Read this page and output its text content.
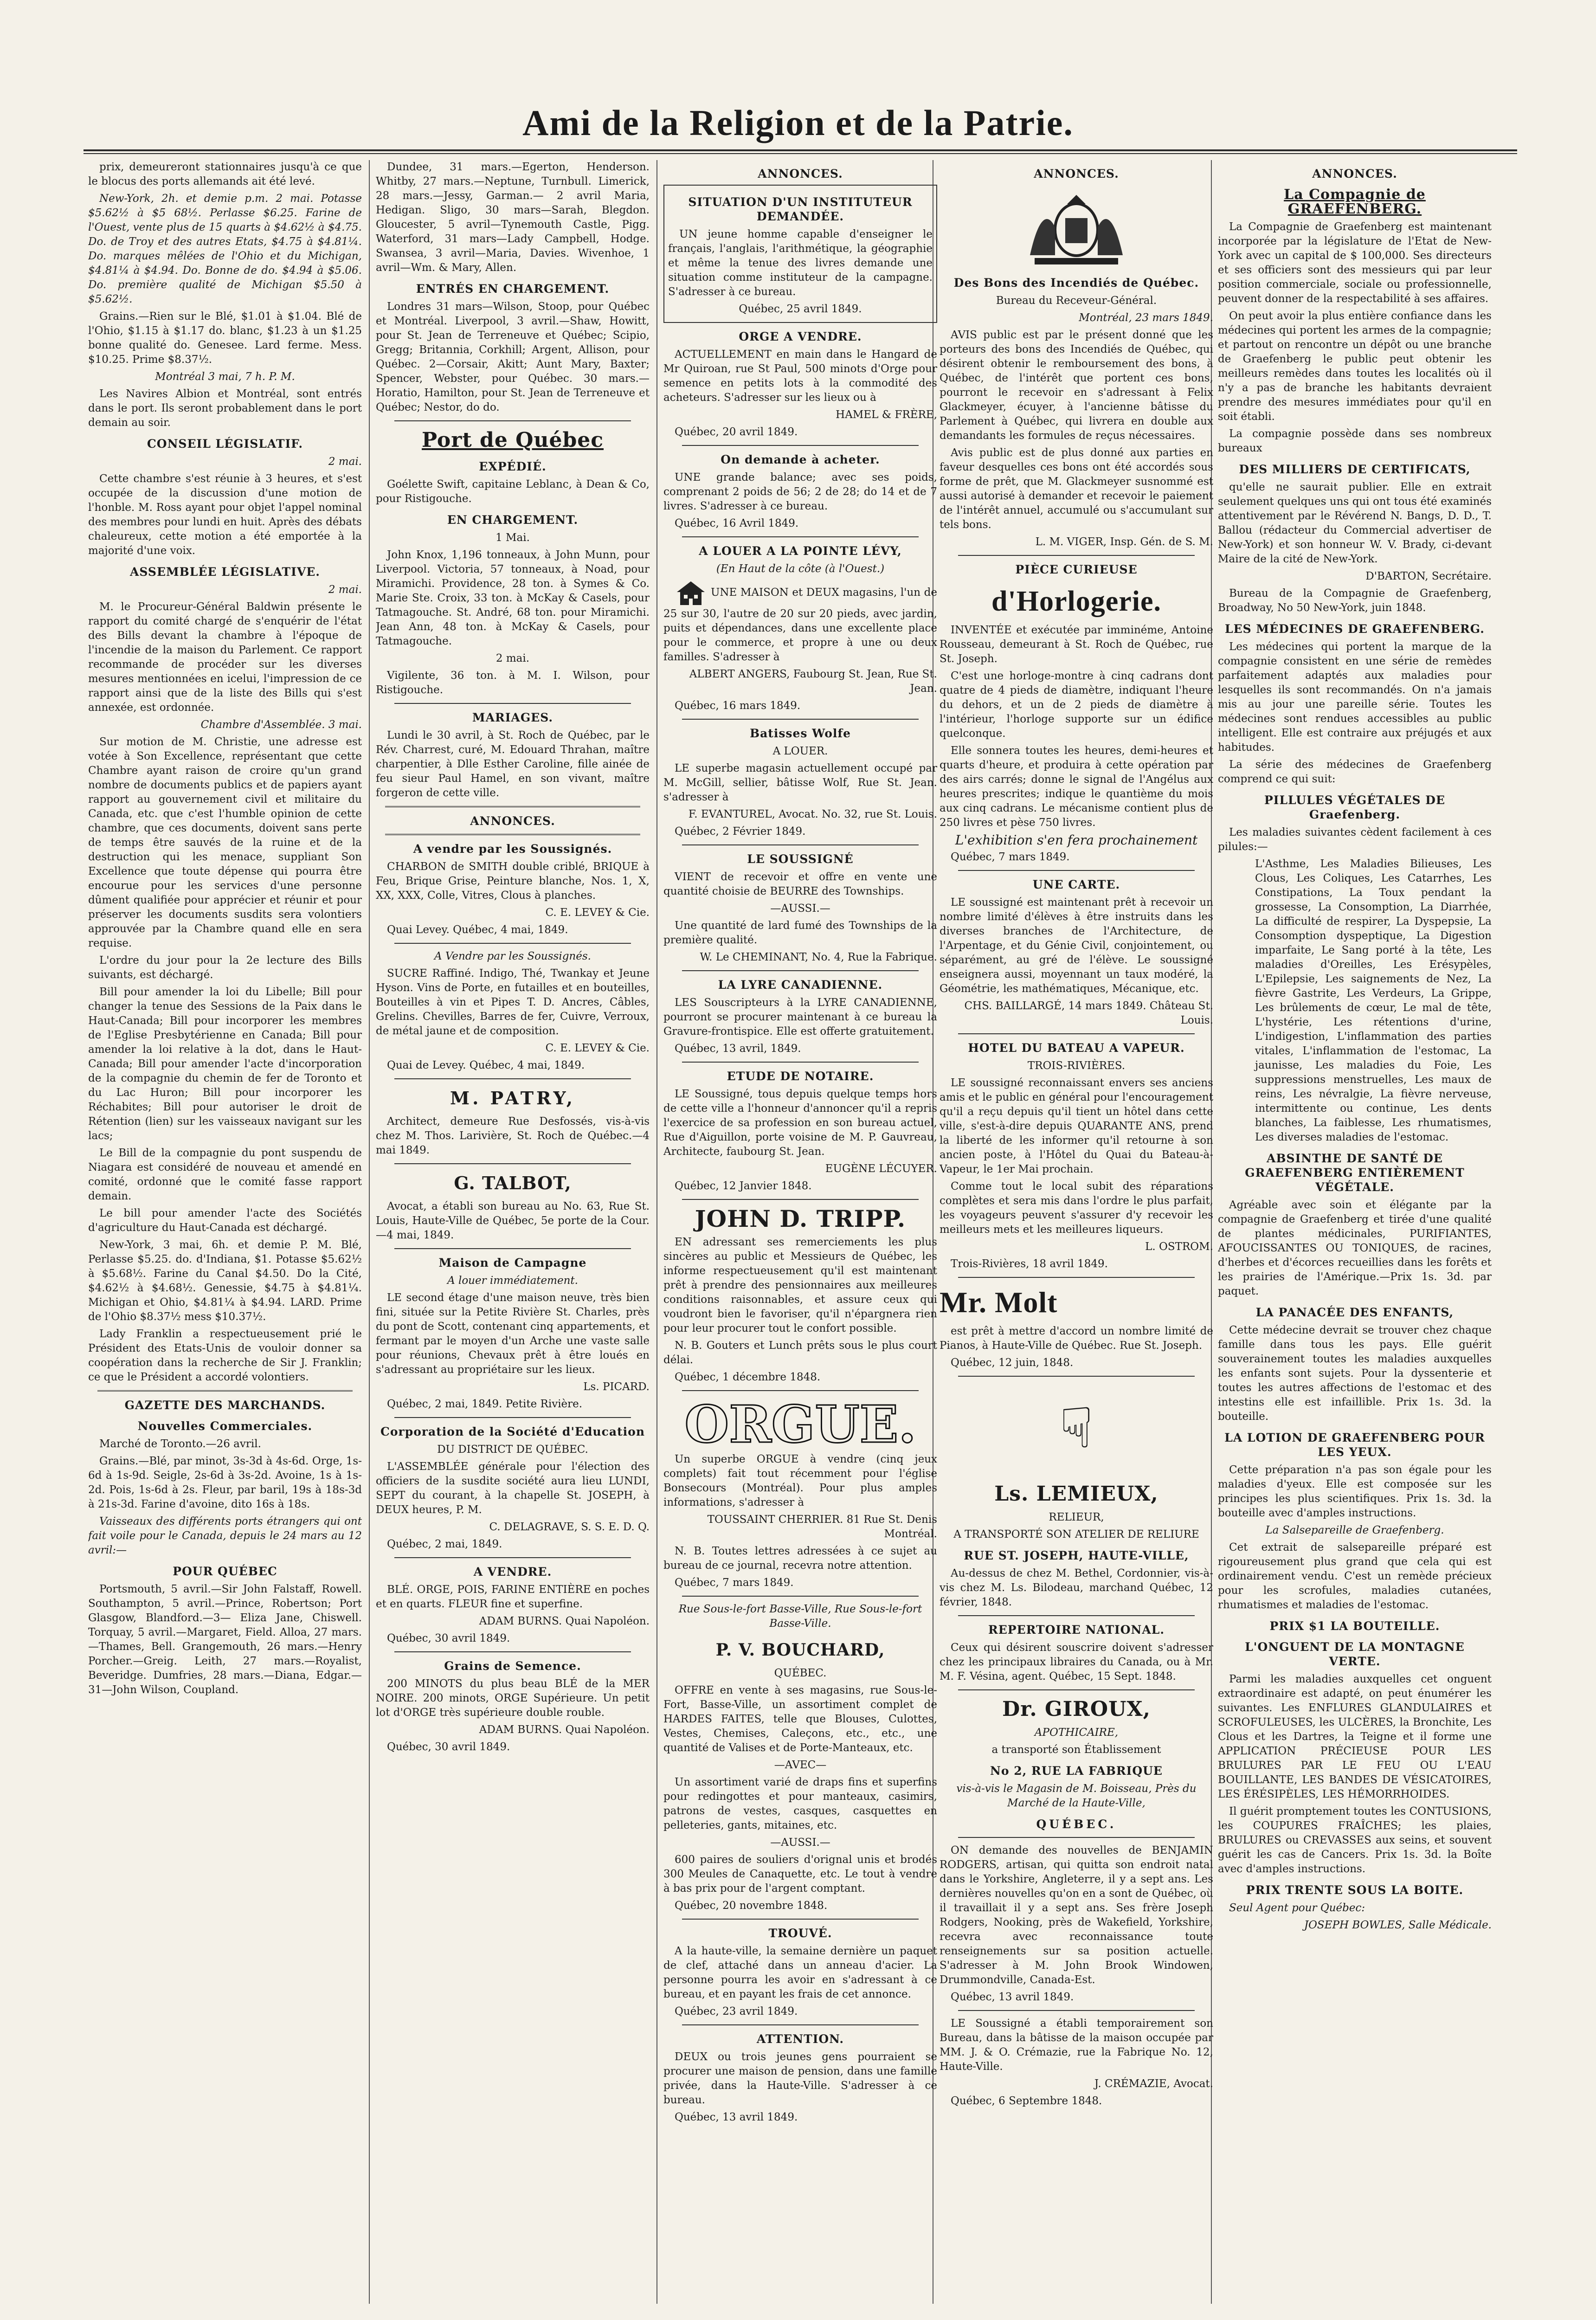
Ami de la Religion et de la Patrie.

prix, demeureront stationnaires jusqu'à ce que le blocus des ports allemands ait été levé.

New-York, 2h. et demie p.m. 2 mai. Potasse $5.62½ à $5 68½. Perlasse $6.25. Farine de l'Ouest, vente plus de 15 quarts à $4.62½ à $4.75. Do. de Troy et des autres Etats, $4.75 à $4.81¼. Do. marques mêlées de l'Ohio et du Michigan, $4.81¼ à $4.94. Do. Bonne de do. $4.94 à $5.06. Do. première qualité de Michigan $5.50 à $5.62½.

Grains.—Rien sur le Blé, $1.01 à $1.04. Blé de l'Ohio, $1.15 à $1.17 do. blanc, $1.23 à un $1.25 bonne qualité do. Genesee. Lard ferme. Mess. $10.25. Prime $8.37½.

Montréal 3 mai, 7 h. P. M.

Les Navires Albion et Montréal, sont entrés dans le port. Ils seront probablement dans le port demain au soir.

CONSEIL LÉGISLATIF.

2 mai.

Cette chambre s'est réunie à 3 heures, et s'est occupée de la discussion d'une motion de l'honble. M. Ross ayant pour objet l'appel nominal des membres pour lundi en huit. Après des débats chaleureux, cette motion a été emportée à la majorité d'une voix.

ASSEMBLÉE LÉGISLATIVE.

2 mai.

M. le Procureur-Général Baldwin présente le rapport du comité chargé de s'enquérir de l'état des Bills devant la chambre à l'époque de l'incendie de la maison du Parlement. Ce rapport recommande de procéder sur les diverses mesures mentionnées en icelui, l'impression de ce rapport ainsi que de la liste des Bills qui s'est annexée, est ordonnée.

Chambre d'Assemblée. 3 mai.

Sur motion de M. Christie, une adresse est votée à Son Excellence, représentant que cette Chambre ayant raison de croire qu'un grand nombre de documents publics et de papiers ayant rapport au gouvernement civil et militaire du Canada, etc. que c'est l'humble opinion de cette chambre, que ces documents, doivent sans perte de temps être sauvés de la ruine et de la destruction qui les menace, suppliant Son Excellence que toute dépense qui pourra être encourue pour les services d'une personne dûment qualifiée pour apprécier et réunir et pour préserver les documents susdits sera volontiers approuvée par la Chambre quand elle en sera requise.

L'ordre du jour pour la 2e lecture des Bills suivants, est déchargé.

Bill pour amender la loi du Libelle; Bill pour changer la tenue des Sessions de la Paix dans le Haut-Canada; Bill pour incorporer les membres de l'Eglise Presbytérienne en Canada; Bill pour amender la loi relative à la dot, dans le Haut-Canada; Bill pour amender l'acte d'incorporation de la compagnie du chemin de fer de Toronto et du Lac Huron; Bill pour incorporer les Réchabites; Bill pour autoriser le droit de Rétention (lien) sur les vaisseaux navigant sur les lacs;

Le Bill de la compagnie du pont suspendu de Niagara est considéré de nouveau et amendé en comité, ordonné que le comité fasse rapport demain.

Le bill pour amender l'acte des Sociétés d'agriculture du Haut-Canada est déchargé.

New-York, 3 mai, 6h. et demie P. M. Blé, Perlasse $5.25. do. d'Indiana, $1. Potasse $5.62½ à $5.68½. Farine du Canal $4.50. Do la Cité, $4.62½ à $4.68½. Genessie, $4.75 à $4.81¼. Michigan et Ohio, $4.81¼ à $4.94. LARD. Prime de l'Ohio $8.37½ mess $10.37½.

Lady Franklin a respectueusement prié le Président des Etats-Unis de vouloir donner sa coopération dans la recherche de Sir J. Franklin; ce que le Président a accordé volontiers.

GAZETTE DES MARCHANDS.

Nouvelles Commerciales.

Marché de Toronto.—26 avril.

Grains.—Blé, par minot, 3s-3d à 4s-6d. Orge, 1s-6d à 1s-9d. Seigle, 2s-6d à 3s-2d. Avoine, 1s à 1s-2d. Pois, 1s-6d à 2s. Fleur, par baril, 19s à 18s-3d à 21s-3d. Farine d'avoine, dito 16s à 18s.

Vaisseaux des différents ports étrangers qui ont fait voile pour le Canada, depuis le 24 mars au 12 avril:—

POUR QUÉBEC

Portsmouth, 5 avril.—Sir John Falstaff, Rowell. Southampton, 5 avril.—Prince, Robertson; Port Glasgow, Blandford.—3— Eliza Jane, Chiswell. Torquay, 5 avril.—Margaret, Field. Alloa, 27 mars.—Thames, Bell. Grangemouth, 26 mars.—Henry Porcher.—Greig. Leith, 27 mars.—Royalist, Beveridge. Dumfries, 28 mars.—Diana, Edgar.— 31—John Wilson, Coupland.

Dundee, 31 mars.—Egerton, Henderson. Whitby, 27 mars.—Neptune, Turnbull. Limerick, 28 mars.—Jessy, Garman.— 2 avril Maria, Hedigan. Sligo, 30 mars—Sarah, Blegdon. Gloucester, 5 avril—Tynemouth Castle, Pigg. Waterford, 31 mars—Lady Campbell, Hodge. Swansea, 3 avril—Maria, Davies. Wivenhoe, 1 avril—Wm. & Mary, Allen.

ENTRÉS EN CHARGEMENT.

Londres 31 mars—Wilson, Stoop, pour Québec et Montréal. Liverpool, 3 avril.—Shaw, Howitt, pour St. Jean de Terreneuve et Québec; Scipio, Gregg; Britannia, Corkhill; Argent, Allison, pour Québec. 2—Corsair, Akitt; Aunt Mary, Baxter; Spencer, Webster, pour Québec. 30 mars.—Horatio, Hamilton, pour St. Jean de Terreneuve et Québec; Nestor, do do.

Port de Québec

EXPÉDIÉ.

Goélette Swift, capitaine Leblanc, à Dean & Co, pour Ristigouche.

EN CHARGEMENT.

1 Mai.

John Knox, 1,196 tonneaux, à John Munn, pour Liverpool. Victoria, 57 tonneaux, à Noad, pour Miramichi. Providence, 28 ton. à Symes & Co. Marie Ste. Croix, 33 ton. à McKay & Casels, pour Tatmagouche. St. André, 68 ton. pour Miramichi. Jean Ann, 48 ton. à McKay & Casels, pour Tatmagouche.

2 mai.

Vigilente, 36 ton. à M. I. Wilson, pour Ristigouche.

MARIAGES.

Lundi le 30 avril, à St. Roch de Québec, par le Rév. Charrest, curé, M. Edouard Thrahan, maître charpentier, à Dlle Esther Caroline, fille ainée de feu sieur Paul Hamel, en son vivant, maître forgeron de cette ville.

ANNONCES.

A vendre par les Soussignés.

CHARBON de SMITH double criblé, BRIQUE à Feu, Brique Grise, Peinture blanche, Nos. 1, X, XX, XXX, Colle, Vitres, Clous à planches.

C. E. LEVEY & Cie.

Quai Levey. Québec, 4 mai, 1849.

A Vendre par les Soussignés.

SUCRE Raffiné. Indigo, Thé, Twankay et Jeune Hyson. Vins de Porte, en futailles et en bouteilles, Bouteilles à vin et Pipes T. D. Ancres, Câbles, Grelins. Chevilles, Barres de fer, Cuivre, Verroux, de métal jaune et de composition.

C. E. LEVEY & Cie.

Quai de Levey. Québec, 4 mai, 1849.

M. PATRY,

Architect, demeure Rue Desfossés, vis-à-vis chez M. Thos. Larivière, St. Roch de Québec.—4 mai 1849.

G. TALBOT,

Avocat, a établi son bureau au No. 63, Rue St. Louis, Haute-Ville de Québec, 5e porte de la Cour.—4 mai, 1849.

Maison de Campagne

A louer immédiatement.

LE second étage d'une maison neuve, très bien fini, située sur la Petite Rivière St. Charles, près du pont de Scott, contenant cinq appartements, et fermant par le moyen d'un Arche une vaste salle pour réunions, Chevaux prêt à être loués en s'adressant au propriétaire sur les lieux.

Ls. PICARD.

Québec, 2 mai, 1849. Petite Rivière.

Corporation de la Société d'Education

DU DISTRICT DE QUÉBEC.

L'ASSEMBLÉE générale pour l'élection des officiers de la susdite société aura lieu LUNDI, SEPT du courant, à la chapelle St. JOSEPH, à DEUX heures, P. M.

C. DELAGRAVE, S. S. E. D. Q.

Québec, 2 mai, 1849.

A VENDRE.

BLÉ. ORGE, POIS, FARINE ENTIÈRE en poches et en quarts. FLEUR fine et superfine.

ADAM BURNS. Quai Napoléon.

Québec, 30 avril 1849.

Grains de Semence.

200 MINOTS du plus beau BLÉ de la MER NOIRE. 200 minots, ORGE Supérieure. Un petit lot d'ORGE très supérieure double rouble.

ADAM BURNS. Quai Napoléon.

Québec, 30 avril 1849.

ANNONCES.

SITUATION D'UN INSTITUTEUR DEMANDÉE.

UN jeune homme capable d'enseigner le français, l'anglais, l'arithmétique, la géographie et même la tenue des livres demande une situation comme instituteur de la campagne. S'adresser à ce bureau.

Québec, 25 avril 1849.

ORGE A VENDRE.

ACTUELLEMENT en main dans le Hangard de Mr Quiroan, rue St Paul, 500 minots d'Orge pour semence en petits lots à la commodité des acheteurs. S'adresser sur les lieux ou à

HAMEL & FRÈRE,

Québec, 20 avril 1849.

On demande à acheter.

UNE grande balance; avec ses poids, comprenant 2 poids de 56; 2 de 28; do 14 et de 7 livres. S'adresser à ce bureau.

Québec, 16 Avril 1849.

A LOUER A LA POINTE LÉVY,

(En Haut de la côte (à l'Ouest.)

UNE MAISON et DEUX magasins, l'un de 25 sur 30, l'autre de 20 sur 20 pieds, avec jardin, puits et dépendances, dans une excellente place pour le commerce, et propre à une ou deux familles. S'adresser à

ALBERT ANGERS, Faubourg St. Jean, Rue St. Jean.

Québec, 16 mars 1849.

Batisses Wolfe

A LOUER.

LE superbe magasin actuellement occupé par M. McGill, sellier, bâtisse Wolf, Rue St. Jean. s'adresser à

F. EVANTUREL, Avocat. No. 32, rue St. Louis.

Québec, 2 Février 1849.

LE SOUSSIGNÉ

VIENT de recevoir et offre en vente une quantité choisie de BEURRE des Townships.

—AUSSI.—

Une quantité de lard fumé des Townships de la première qualité.

W. Le CHEMINANT, No. 4, Rue la Fabrique.

LA LYRE CANADIENNE.

LES Souscripteurs à la LYRE CANADIENNE, pourront se procurer maintenant à ce bureau la Gravure-frontispice. Elle est offerte gratuitement.

Québec, 13 avril, 1849.

ETUDE DE NOTAIRE.

LE Soussigné, tous depuis quelque temps hors de cette ville a l'honneur d'annoncer qu'il a repris l'exercice de sa profession en son bureau actuel, Rue d'Aiguillon, porte voisine de M. P. Gauvreau, Architecte, faubourg St. Jean.

EUGÈNE LÉCUYER.

Québec, 12 Janvier 1848.

JOHN D. TRIPP.

EN adressant ses remerciements les plus sincères au public et Messieurs de Québec, les informe respectueusement qu'il est maintenant prêt à prendre des pensionnaires aux meilleures conditions raisonnables, et assure ceux qui voudront bien le favoriser, qu'il n'épargnera rien pour leur procurer tout le confort possible.

N. B. Gouters et Lunch prêts sous le plus court délai.

Québec, 1 décembre 1848.

ORGUE.

Un superbe ORGUE à vendre (cinq jeux complets) fait tout récemment pour l'église Bonsecours (Montréal). Pour plus amples informations, s'adresser à

TOUSSAINT CHERRIER. 81 Rue St. Denis Montréal.

N. B. Toutes lettres adressées à ce sujet au bureau de ce journal, recevra notre attention.

Québec, 7 mars 1849.

Rue Sous-le-fort Basse-Ville, Rue Sous-le-fort Basse-Ville.

P. V. BOUCHARD,

QUÉBEC.

OFFRE en vente à ses magasins, rue Sous-le-Fort, Basse-Ville, un assortiment complet de HARDES FAITES, telle que Blouses, Culottes, Vestes, Chemises, Caleçons, etc., etc., une quantité de Valises et de Porte-Manteaux, etc.

—AVEC—

Un assortiment varié de draps fins et superfins pour redingottes et pour manteaux, casimirs, patrons de vestes, casques, casquettes en pelleteries, gants, mitaines, etc.

—AUSSI.—

600 paires de souliers d'orignal unis et brodés 300 Meules de Canaquette, etc. Le tout à vendre à bas prix pour de l'argent comptant.

Québec, 20 novembre 1848.

TROUVÉ.

A la haute-ville, la semaine dernière un paquet de clef, attaché dans un anneau d'acier. La personne pourra les avoir en s'adressant à ce bureau, et en payant les frais de cet annonce.

Québec, 23 avril 1849.

ATTENTION.

DEUX ou trois jeunes gens pourraient se procurer une maison de pension, dans une famille privée, dans la Haute-Ville. S'adresser à ce bureau.

Québec, 13 avril 1849.

ANNONCES.

Des Bons des Incendiés de Québec.

Bureau du Receveur-Général.

Montréal, 23 mars 1849.

AVIS public est par le présent donné que les porteurs des bons des Incendiés de Québec, qui désirent obtenir le remboursement des bons, à Québec, de l'intérêt que portent ces bons, pourront le recevoir en s'adressant à Felix Glackmeyer, écuyer, à l'ancienne bâtisse du Parlement à Québec, qui livrera en double aux demandants les formules de reçus nécessaires.

Avis public est de plus donné aux parties en faveur desquelles ces bons ont été accordés sous forme de prêt, que M. Glackmeyer susnommé est aussi autorisé à demander et recevoir le paiement de l'intérêt annuel, accumulé ou s'accumulant sur tels bons.

L. M. VIGER, Insp. Gén. de S. M.

PIÈCE CURIEUSE

d'Horlogerie.

INVENTÉE et exécutée par imminéme, Antoine Rousseau, demeurant à St. Roch de Québec, rue St. Joseph.

C'est une horloge-montre à cinq cadrans dont quatre de 4 pieds de diamètre, indiquant l'heure du dehors, et un de 2 pieds de diamètre à l'intérieur, l'horloge supporte sur un édifice quelconque.

Elle sonnera toutes les heures, demi-heures et quarts d'heure, et produira à cette opération par des airs carrés; donne le signal de l'Angélus aux heures prescrites; indique le quantième du mois aux cinq cadrans. Le mécanisme contient plus de 250 livres et pèse 750 livres.

L'exhibition s'en fera prochainement

Québec, 7 mars 1849.

UNE CARTE.

LE soussigné est maintenant prêt à recevoir un nombre limité d'élèves à être instruits dans les diverses branches de l'Architecture, de l'Arpentage, et du Génie Civil, conjointement, ou séparément, au gré de l'élève. Le soussigné enseignera aussi, moyennant un taux modéré, la Géométrie, les mathématiques, Mécanique, etc.

CHS. BAILLARGÉ, 14 mars 1849. Château St. Louis.

HOTEL DU BATEAU A VAPEUR.

TROIS-RIVIÈRES.

LE soussigné reconnaissant envers ses anciens amis et le public en général pour l'encouragement qu'il a reçu depuis qu'il tient un hôtel dans cette ville, s'est-à-dire depuis QUARANTE ANS, prend la liberté de les informer qu'il retourne à son ancien poste, à l'Hôtel du Quai du Bateau-à-Vapeur, le 1er Mai prochain.

Comme tout le local subit des réparations complètes et sera mis dans l'ordre le plus parfait, les voyageurs peuvent s'assurer d'y recevoir les meilleurs mets et les meilleures liqueurs.

L. OSTROM.

Trois-Rivières, 18 avril 1849.

Mr. Molt

est prêt à mettre d'accord un nombre limité de Pianos, à Haute-Ville de Québec. Rue St. Joseph.

Québec, 12 juin, 1848.

☟

Ls. LEMIEUX,

RELIEUR,

A TRANSPORTÉ SON ATELIER DE RELIURE

RUE ST. JOSEPH, HAUTE-VILLE,

Au-dessus de chez M. Bethel, Cordonnier, vis-à-vis chez M. Ls. Bilodeau, marchand Québec, 12 février, 1848.

REPERTOIRE NATIONAL.

Ceux qui désirent souscrire doivent s'adresser chez les principaux libraires du Canada, ou à Mr. M. F. Vésina, agent. Québec, 15 Sept. 1848.

Dr. GIROUX,

APOTHICAIRE,

a transporté son Établissement

No 2, RUE LA FABRIQUE

vis-à-vis le Magasin de M. Boisseau, Près du Marché de la Haute-Ville,

QUÉBEC.

ON demande des nouvelles de BENJAMIN RODGERS, artisan, qui quitta son endroit natal dans le Yorkshire, Angleterre, il y a sept ans. Les dernières nouvelles qu'on en a sont de Québec, où il travaillait il y a sept ans. Ses frère Joseph Rodgers, Nooking, près de Wakefield, Yorkshire, recevra avec reconnaissance toute renseignements sur sa position actuelle. S'adresser à M. John Brook Windowen, Drummondville, Canada-Est.

Québec, 13 avril 1849.

LE Soussigné a établi temporairement son Bureau, dans la bâtisse de la maison occupée par MM. J. & O. Crémazie, rue la Fabrique No. 12, Haute-Ville.

J. CRÉMAZIE, Avocat.

Québec, 6 Septembre 1848.

ANNONCES.

La Compagnie de GRAEFENBERG.

La Compagnie de Graefenberg est maintenant incorporée par la législature de l'Etat de New-York avec un capital de $ 100,000. Ses directeurs et ses officiers sont des messieurs qui par leur position commerciale, sociale ou professionnelle, peuvent donner de la respectabilité à ses affaires.

On peut avoir la plus entière confiance dans les médecines qui portent les armes de la compagnie; et partout on rencontre un dépôt ou une branche de Graefenberg le public peut obtenir les meilleurs remèdes dans toutes les localités où il n'y a pas de branche les habitants devraient prendre des mesures immédiates pour qu'il en soit établi.

La compagnie possède dans ses nombreux bureaux

DES MILLIERS DE CERTIFICATS,

qu'elle ne saurait publier. Elle en extrait seulement quelques uns qui ont tous été examinés attentivement par le Révérend N. Bangs, D. D., T. Ballou (rédacteur du Commercial advertiser de New-York) et son honneur W. V. Brady, ci-devant Maire de la cité de New-York.

D'BARTON, Secrétaire.

Bureau de la Compagnie de Graefenberg, Broadway, No 50 New-York, juin 1848.

LES MÉDECINES DE GRAEFENBERG.

Les médecines qui portent la marque de la compagnie consistent en une série de remèdes parfaitement adaptés aux maladies pour lesquelles ils sont recommandés. On n'a jamais mis au jour une pareille série. Toutes les médecines sont rendues accessibles au public intelligent. Elle est contraire aux préjugés et aux habitudes.

La série des médecines de Graefenberg comprend ce qui suit:

PILLULES VÉGÉTALES DE Graefenberg.

Les maladies suivantes cèdent facilement à ces pilules:—

L'Asthme, Les Maladies Bilieuses, Les Clous, Les Coliques, Les Catarrhes, Les Constipations, La Toux pendant la grossesse, La Consomption, La Diarrhée, La difficulté de respirer, La Dyspepsie, La Consomption dyspeptique, La Digestion imparfaite, Le Sang porté à la tête, Les maladies d'Oreilles, Les Erésypèles, L'Epilepsie, Les saignements de Nez, La fièvre Gastrite, Les Verdeurs, La Grippe, Les brûlements de cœur, Le mal de tête, L'hystérie, Les rétentions d'urine, L'indigestion, L'inflammation des parties vitales, L'inflammation de l'estomac, La jaunisse, Les maladies du Foie, Les suppressions menstruelles, Les maux de reins, Les névralgie, La fièvre nerveuse, intermittente ou continue, Les dents blanches, La faiblesse, Les rhumatismes, Les diverses maladies de l'estomac.

ABSINTHE DE SANTÉ DE GRAEFENBERG ENTIÈREMENT VÉGÉTALE.

Agréable avec soin et élégante par la compagnie de Graefenberg et tirée d'une qualité de plantes médicinales, PURIFIANTES, AFOUCISSANTES OU TONIQUES, de racines, d'herbes et d'écorces recueillies dans les forêts et les prairies de l'Amérique.—Prix 1s. 3d. par paquet.

LA PANACÉE DES ENFANTS,

Cette médecine devrait se trouver chez chaque famille dans tous les pays. Elle guérit souverainement toutes les maladies auxquelles les enfants sont sujets. Pour la dyssenterie et toutes les autres affections de l'estomac et des intestins elle est infaillible. Prix 1s. 3d. la bouteille.

LA LOTION DE GRAEFENBERG POUR LES YEUX.

Cette préparation n'a pas son égale pour les maladies d'yeux. Elle est composée sur les principes les plus scientifiques. Prix 1s. 3d. la bouteille avec d'amples instructions.

La Salsepareille de Graefenberg.

Cet extrait de salsepareille préparé est rigoureusement plus grand que cela qui est ordinairement vendu. C'est un remède précieux pour les scrofules, maladies cutanées, rhumatismes et maladies de l'estomac.

PRIX $1 LA BOUTEILLE.

L'ONGUENT DE LA MONTAGNE VERTE.

Parmi les maladies auxquelles cet onguent extraordinaire est adapté, on peut énumérer les suivantes. Les ENFLURES GLANDULAIRES et SCROFULEUSES, les ULCÈRES, la Bronchite, Les Clous et les Dartres, la Teigne et il forme une APPLICATION PRÉCIEUSE POUR LES BRULURES PAR LE FEU OU L'EAU BOUILLANTE, LES BANDES DE VÉSICATOIRES, LES ÉRÉSIPÈLES, LES HÉMORRHOIDES.

Il guérit promptement toutes les CONTUSIONS, les COUPURES FRAÎCHES; les plaies, BRULURES ou CREVASSES aux seins, et souvent guérit les cas de Cancers. Prix 1s. 3d. la Boîte avec d'amples instructions.

PRIX TRENTE SOUS LA BOITE.

Seul Agent pour Québec:

JOSEPH BOWLES, Salle Médicale.
